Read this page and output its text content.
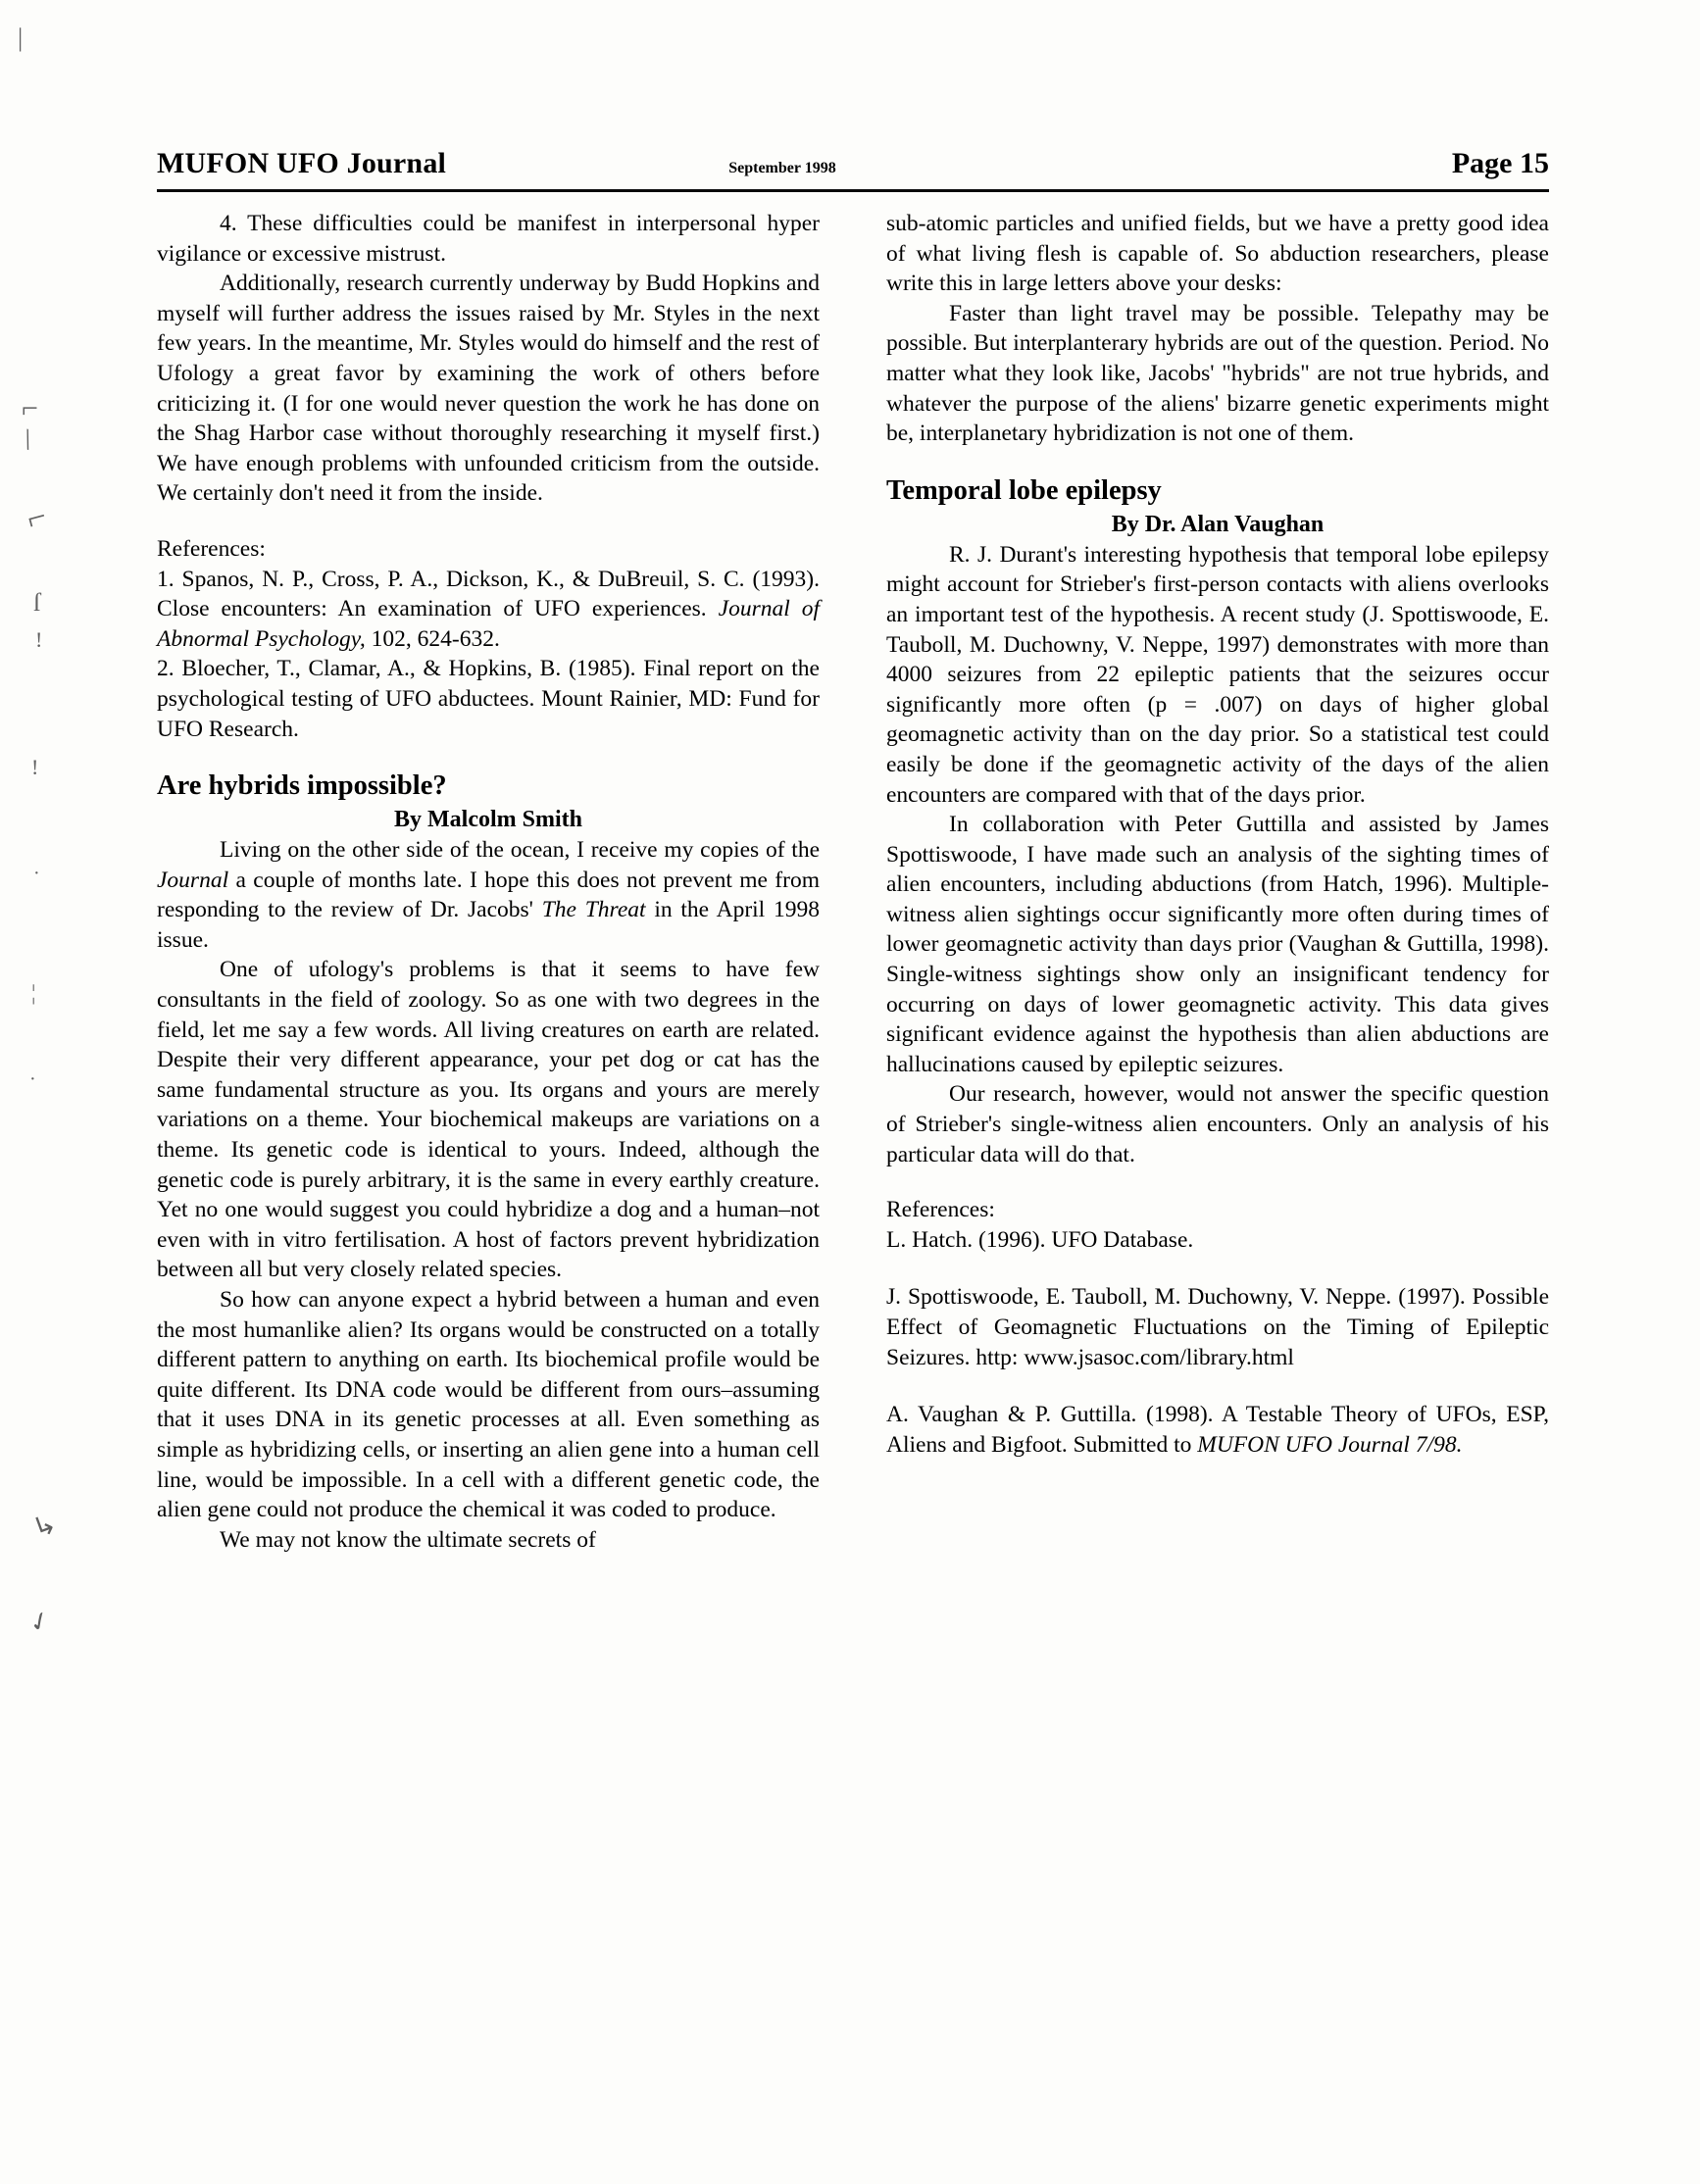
|
⌐
\
⌐
ſ
!
!
·
¦
·
↳
✓
MUFON UFO Journal	September 1998	Page 15

4. These difficulties could be manifest in interpersonal hyper vigilance or excessive mistrust.

Additionally, research currently underway by Budd Hopkins and myself will further address the issues raised by Mr. Styles in the next few years. In the meantime, Mr. Styles would do himself and the rest of Ufology a great favor by examining the work of others before criticizing it. (I for one would never question the work he has done on the Shag Harbor case without thoroughly researching it myself first.) We have enough problems with unfounded criticism from the outside. We certainly don't need it from the inside.

References:

1. Spanos, N. P., Cross, P. A., Dickson, K., & DuBreuil, S. C. (1993). Close encounters: An examination of UFO experiences. Journal of Abnormal Psychology, 102, 624-632.

2. Bloecher, T., Clamar, A., & Hopkins, B. (1985). Final report on the psychological testing of UFO abductees. Mount Rainier, MD: Fund for UFO Research.

Are hybrids impossible?

By Malcolm Smith

Living on the other side of the ocean, I receive my copies of the Journal a couple of months late. I hope this does not prevent me from responding to the review of Dr. Jacobs' The Threat in the April 1998 issue.

One of ufology's problems is that it seems to have few consultants in the field of zoology. So as one with two degrees in the field, let me say a few words. All living creatures on earth are related. Despite their very different appearance, your pet dog or cat has the same fundamental structure as you. Its organs and yours are merely variations on a theme. Your biochemical makeups are variations on a theme. Its genetic code is identical to yours. Indeed, although the genetic code is purely arbitrary, it is the same in every earthly creature. Yet no one would suggest you could hybridize a dog and a human–not even with in vitro fertilisation. A host of factors prevent hybridization between all but very closely related species.

So how can anyone expect a hybrid between a human and even the most humanlike alien? Its organs would be constructed on a totally different pattern to anything on earth. Its biochemical profile would be quite different. Its DNA code would be different from ours–assuming that it uses DNA in its genetic processes at all. Even something as simple as hybridizing cells, or inserting an alien gene into a human cell line, would be impossible. In a cell with a different genetic code, the alien gene could not produce the chemical it was coded to produce.

We may not know the ultimate secrets of

sub-atomic particles and unified fields, but we have a pretty good idea of what living flesh is capable of. So abduction researchers, please write this in large letters above your desks:

Faster than light travel may be possible. Telepathy may be possible. But interplanterary hybrids are out of the question. Period. No matter what they look like, Jacobs' "hybrids" are not true hybrids, and whatever the purpose of the aliens' bizarre genetic experiments might be, interplanetary hybridization is not one of them.

Temporal lobe epilepsy

By Dr. Alan Vaughan

R. J. Durant's interesting hypothesis that temporal lobe epilepsy might account for Strieber's first-person contacts with aliens overlooks an important test of the hypothesis. A recent study (J. Spottiswoode, E. Tauboll, M. Duchowny, V. Neppe, 1997) demonstrates with more than 4000 seizures from 22 epileptic patients that the seizures occur significantly more often (p = .007) on days of higher global geomagnetic activity than on the day prior. So a statistical test could easily be done if the geomagnetic activity of the days of the alien encounters are compared with that of the days prior.

In collaboration with Peter Guttilla and assisted by James Spottiswoode, I have made such an analysis of the sighting times of alien encounters, including abductions (from Hatch, 1996). Multiple-witness alien sightings occur significantly more often during times of lower geomagnetic activity than days prior (Vaughan & Guttilla, 1998). Single-witness sightings show only an insignificant tendency for occurring on days of lower geomagnetic activity. This data gives significant evidence against the hypothesis than alien abductions are hallucinations caused by epileptic seizures.

Our research, however, would not answer the specific question of Strieber's single-witness alien encounters. Only an analysis of his particular data will do that.

References:

L. Hatch. (1996). UFO Database.

J. Spottiswoode, E. Tauboll, M. Duchowny, V. Neppe. (1997). Possible Effect of Geomagnetic Fluctuations on the Timing of Epileptic Seizures. http: www.jsasoc.com/library.html

A. Vaughan & P. Guttilla. (1998). A Testable Theory of UFOs, ESP, Aliens and Bigfoot. Submitted to MUFON UFO Journal 7/98.
